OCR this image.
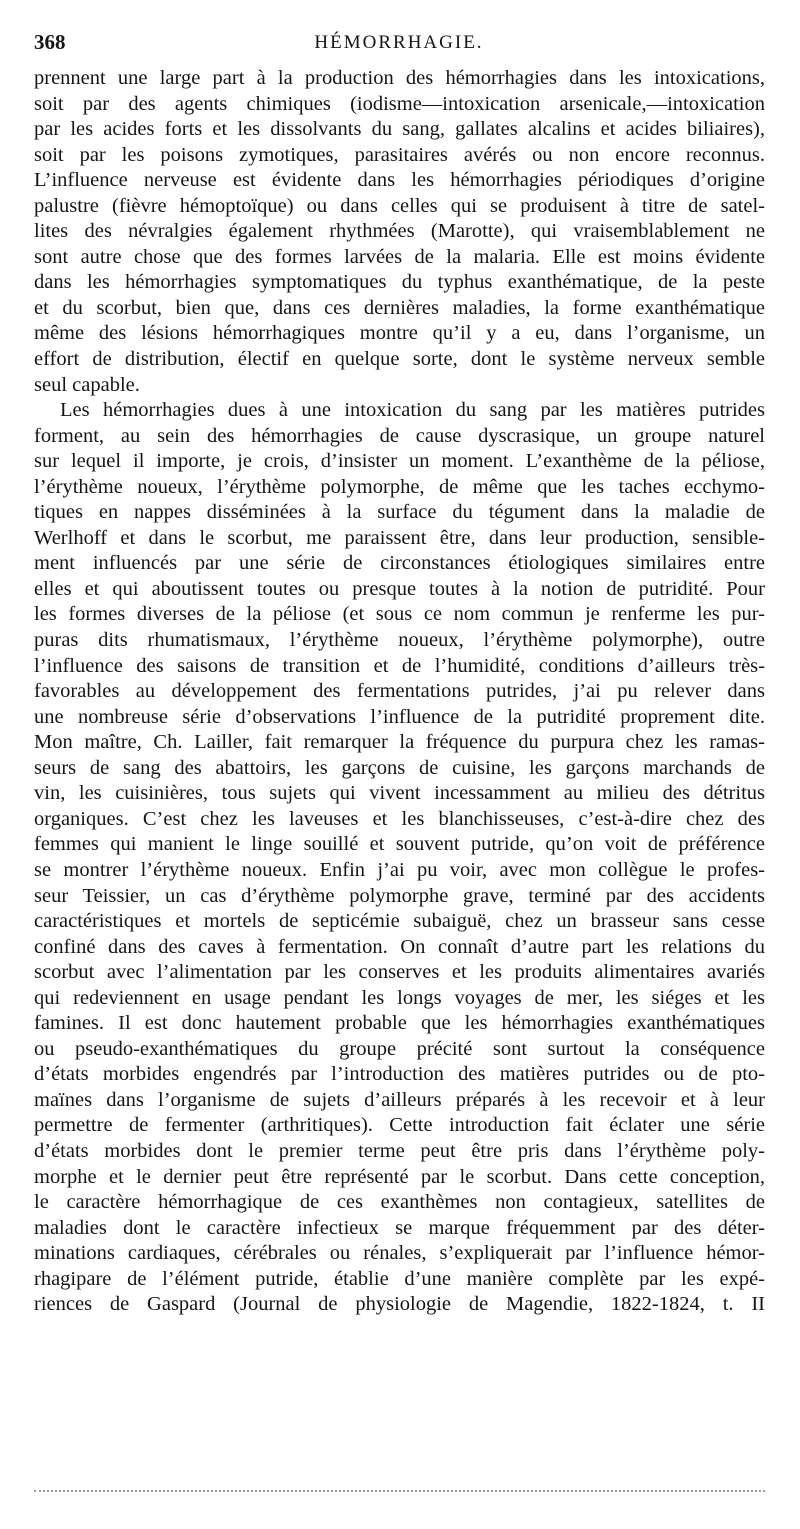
368	HÉMORRHAGIE.
prennent une large part à la production des hémorrhagies dans les intoxications,
soit par des agents chimiques (iodisme—intoxication arsenicale,—intoxication
par les acides forts et les dissolvants du sang, gallates alcalins et acides biliaires),
soit par les poisons zymotiques, parasitaires avérés ou non encore reconnus.
L’influence nerveuse est évidente dans les hémorrhagies périodiques d’origine
palustre (fièvre hémoptoïque) ou dans celles qui se produisent à titre de satel-
lites des névralgies également rhythmées (Marotte), qui vraisemblablement ne
sont autre chose que des formes larvées de la malaria. Elle est moins évidente
dans les hémorrhagies symptomatiques du typhus exanthématique, de la peste
et du scorbut, bien que, dans ces dernières maladies, la forme exanthématique
même des lésions hémorrhagiques montre qu’il y a eu, dans l’organisme, un
effort de distribution, électif en quelque sorte, dont le système nerveux semble
seul capable.
Les hémorrhagies dues à une intoxication du sang par les matières putrides
forment, au sein des hémorrhagies de cause dyscrasique, un groupe naturel
sur lequel il importe, je crois, d’insister un moment. L’exanthème de la péliose,
l’érythème noueux, l’érythème polymorphe, de même que les taches ecchymo-
tiques en nappes disséminées à la surface du tégument dans la maladie de
Werlhoff et dans le scorbut, me paraissent être, dans leur production, sensible-
ment influencés par une série de circonstances étiologiques similaires entre
elles et qui aboutissent toutes ou presque toutes à la notion de putridité. Pour
les formes diverses de la péliose (et sous ce nom commun je renferme les pur-
puras dits rhumatismaux, l’érythème noueux, l’érythème polymorphe), outre
l’influence des saisons de transition et de l’humidité, conditions d’ailleurs très-
favorables au développement des fermentations putrides, j’ai pu relever dans
une nombreuse série d’observations l’influence de la putridité proprement dite.
Mon maître, Ch. Lailler, fait remarquer la fréquence du purpura chez les ramas-
seurs de sang des abattoirs, les garçons de cuisine, les garçons marchands de
vin, les cuisinières, tous sujets qui vivent incessamment au milieu des détritus
organiques. C’est chez les laveuses et les blanchisseuses, c’est-à-dire chez des
femmes qui manient le linge souillé et souvent putride, qu’on voit de préférence
se montrer l’érythème noueux. Enfin j’ai pu voir, avec mon collègue le profes-
seur Teissier, un cas d’érythème polymorphe grave, terminé par des accidents
caractéristiques et mortels de septicémie subaiguë, chez un brasseur sans cesse
confiné dans des caves à fermentation. On connaît d’autre part les relations du
scorbut avec l’alimentation par les conserves et les produits alimentaires avariés
qui redeviennent en usage pendant les longs voyages de mer, les siéges et les
famines. Il est donc hautement probable que les hémorrhagies exanthématiques
ou pseudo-exanthématiques du groupe précité sont surtout la conséquence
d’états morbides engendrés par l’introduction des matières putrides ou de pto-
maïnes dans l’organisme de sujets d’ailleurs préparés à les recevoir et à leur
permettre de fermenter (arthritiques). Cette introduction fait éclater une série
d’états morbides dont le premier terme peut être pris dans l’érythème poly-
morphe et le dernier peut être représenté par le scorbut. Dans cette conception,
le caractère hémorrhagique de ces exanthèmes non contagieux, satellites de
maladies dont le caractère infectieux se marque fréquemment par des déter-
minations cardiaques, cérébrales ou rénales, s’expliquerait par l’influence hémor-
rhagipare de l’élément putride, établie d’une manière complète par les expé-
riences de Gaspard (Journal de physiologie de Magendie, 1822-1824, t. II
